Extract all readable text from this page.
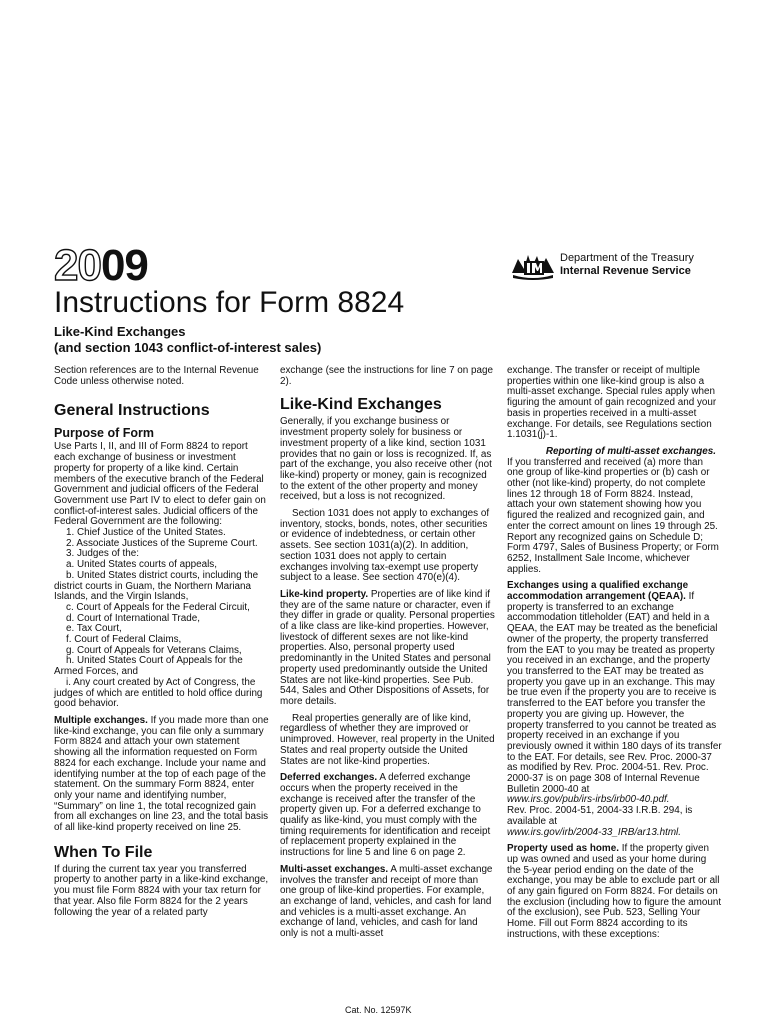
2009	Department of the Treasury
Internal Revenue Service
Instructions for Form 8824
Like-Kind Exchanges
(and section 1043 conflict-of-interest sales)

Section references are to the Internal Revenue Code unless otherwise noted.

General Instructions
Purpose of Form

Use Parts I, II, and III of Form 8824 to report each exchange of business or investment property for property of a like kind. Certain members of the executive branch of the Federal Government and judicial officers of the Federal Government use Part IV to elect to defer gain on conflict-of-interest sales. Judicial officers of the Federal Government are the following:

1. Chief Justice of the United States.

2. Associate Justices of the Supreme Court.

3. Judges of the:

a. United States courts of appeals,

b. United States district courts, including the district courts in Guam, the Northern Mariana Islands, and the Virgin Islands,

c. Court of Appeals for the Federal Circuit,

d. Court of International Trade,

e. Tax Court,

f. Court of Federal Claims,

g. Court of Appeals for Veterans Claims,

h. United States Court of Appeals for the Armed Forces, and

i. Any court created by Act of Congress, the judges of which are entitled to hold office during good behavior.

Multiple exchanges. If you made more than one like-kind exchange, you can file only a summary Form 8824 and attach your own statement showing all the information requested on Form 8824 for each exchange. Include your name and identifying number at the top of each page of the statement. On the summary Form 8824, enter only your name and identifying number, “Summary” on line 1, the total recognized gain from all exchanges on line 23, and the total basis of all like-kind property received on line 25.

When To File

If during the current tax year you transferred property to another party in a like-kind exchange, you must file Form 8824 with your tax return for that year. Also file Form 8824 for the 2 years following the year of a related party

exchange (see the instructions for line 7 on page 2).

Like-Kind Exchanges

Generally, if you exchange business or investment property solely for business or investment property of a like kind, section 1031 provides that no gain or loss is recognized. If, as part of the exchange, you also receive other (not like-kind) property or money, gain is recognized to the extent of the other property and money received, but a loss is not recognized.

Section 1031 does not apply to exchanges of inventory, stocks, bonds, notes, other securities or evidence of indebtedness, or certain other assets. See section 1031(a)(2). In addition, section 1031 does not apply to certain exchanges involving tax-exempt use property subject to a lease. See section 470(e)(4).

Like-kind property. Properties are of like kind if they are of the same nature or character, even if they differ in grade or quality. Personal properties of a like class are like-kind properties. However, livestock of different sexes are not like-kind properties. Also, personal property used predominantly in the United States and personal property used predominantly outside the United States are not like-kind properties. See Pub. 544, Sales and Other Dispositions of Assets, for more details.

Real properties generally are of like kind, regardless of whether they are improved or unimproved. However, real property in the United States and real property outside the United States are not like-kind properties.

Deferred exchanges. A deferred exchange occurs when the property received in the exchange is received after the transfer of the property given up. For a deferred exchange to qualify as like-kind, you must comply with the timing requirements for identification and receipt of replacement property explained in the instructions for line 5 and line 6 on page 2.

Multi-asset exchanges. A multi-asset exchange involves the transfer and receipt of more than one group of like-kind properties. For example, an exchange of land, vehicles, and cash for land and vehicles is a multi-asset exchange. An exchange of land, vehicles, and cash for land only is not a multi-asset

exchange. The transfer or receipt of multiple properties within one like-kind group is also a multi-asset exchange. Special rules apply when figuring the amount of gain recognized and your basis in properties received in a multi-asset exchange. For details, see Regulations section 1.1031(j)-1.

Reporting of multi-asset exchanges.

If you transferred and received (a) more than one group of like-kind properties or (b) cash or other (not like-kind) property, do not complete lines 12 through 18 of Form 8824. Instead, attach your own statement showing how you figured the realized and recognized gain, and enter the correct amount on lines 19 through 25. Report any recognized gains on Schedule D; Form 4797, Sales of Business Property; or Form 6252, Installment Sale Income, whichever applies.

Exchanges using a qualified exchange accommodation arrangement (QEAA). If property is transferred to an exchange accommodation titleholder (EAT) and held in a QEAA, the EAT may be treated as the beneficial owner of the property, the property transferred from the EAT to you may be treated as property you received in an exchange, and the property you transferred to the EAT may be treated as property you gave up in an exchange. This may be true even if the property you are to receive is transferred to the EAT before you transfer the property you are giving up. However, the property transferred to you cannot be treated as property received in an exchange if you previously owned it within 180 days of its transfer to the EAT. For details, see Rev. Proc. 2000-37 as modified by Rev. Proc. 2004-51. Rev. Proc. 2000-37 is on page 308 of Internal Revenue Bulletin 2000-40 at

www.irs.gov/pub/irs-irbs/irb00-40.pdf.

Rev. Proc. 2004-51, 2004-33 I.R.B. 294, is available at

www.irs.gov/irb/2004-33_IRB/ar13.html.

Property used as home. If the property given up was owned and used as your home during the 5-year period ending on the date of the exchange, you may be able to exclude part or all of any gain figured on Form 8824. For details on the exclusion (including how to figure the amount of the exclusion), see Pub. 523, Selling Your Home. Fill out Form 8824 according to its instructions, with these exceptions:

Cat. No. 12597K
